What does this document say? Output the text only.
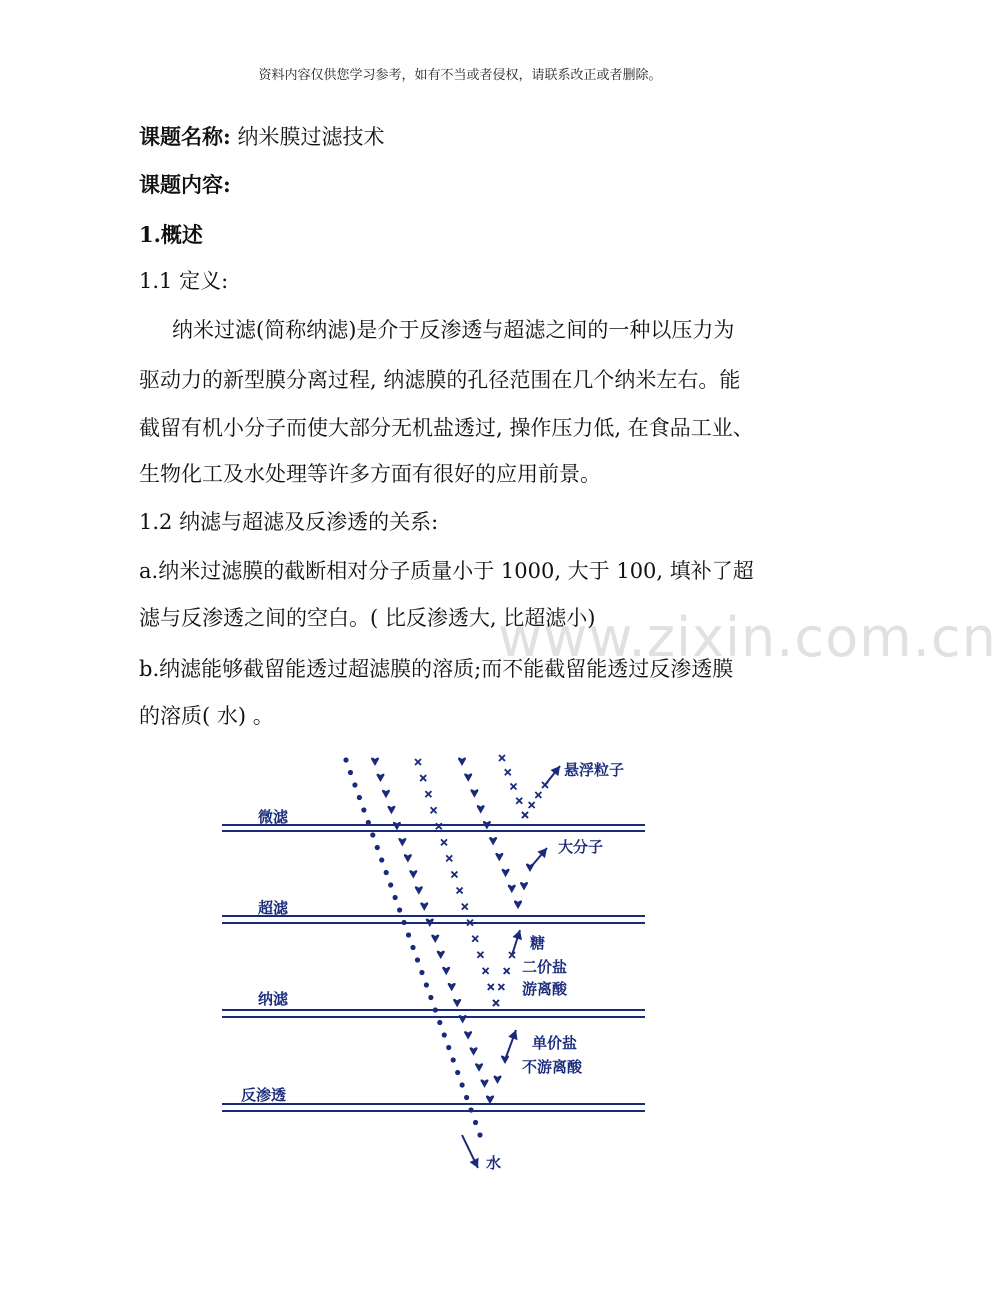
资料内容仅供您学习参考，如有不当或者侵权，请联系改正或者删除。
课题名称: 纳米膜过滤技术
课题内容:
1.概述
1.1 定义:
纳米过滤(简称纳滤)是介于反渗透与超滤之间的一种以压力为
驱动力的新型膜分离过程, 纳滤膜的孔径范围在几个纳米左右。能
截留有机小分子而使大部分无机盐透过, 操作压力低, 在食品工业、
生物化工及水处理等许多方面有很好的应用前景。
1.2 纳滤与超滤及反渗透的关系:
a.纳米过滤膜的截断相对分子质量小于 1000, 大于 100, 填补了超
滤与反渗透之间的空白。( 比反渗透大, 比超滤小)
b.纳滤能够截留能透过超滤膜的溶质;而不能截留能透过反渗透膜
的溶质( 水) 。
www.zixin.com.cn
微滤
超滤
纳滤
反渗透
悬浮粒子
大分子
糖
二价盐
游离酸
单价盐
不游离酸
水
